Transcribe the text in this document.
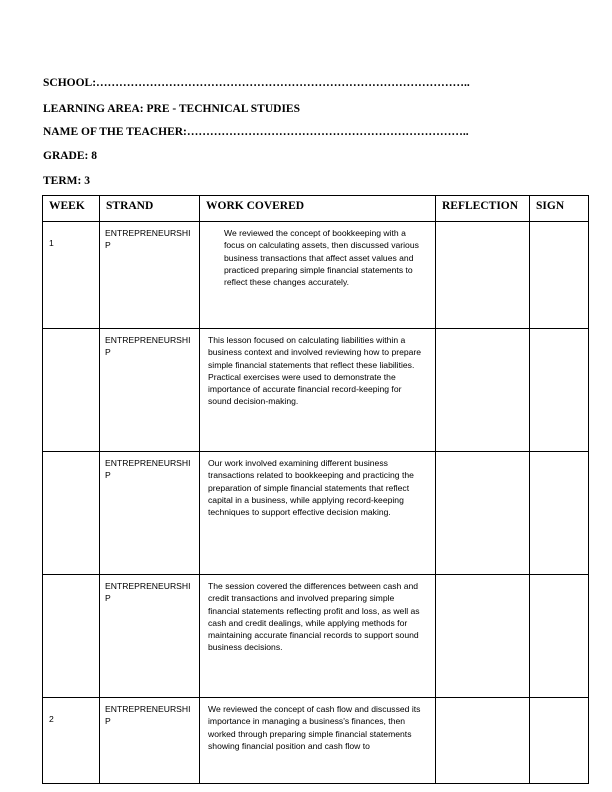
SCHOOL:……………………………………………………………………………………..
LEARNING AREA: PRE - TECHNICAL STUDIES
NAME OF THE TEACHER:………………………………………………………………..
GRADE: 8
TERM: 3
WEEK	STRAND	WORK COVERED	REFLECTION	SIGN
1	ENTREPRENEURSHIP	We reviewed the concept of bookkeeping with a focus on calculating assets, then discussed various business transactions that affect asset values and practiced preparing simple financial statements to reflect these changes accurately.		
	ENTREPRENEURSHIP	This lesson focused on calculating liabilities within a business context and involved reviewing how to prepare simple financial statements that reflect these liabilities. Practical exercises were used to demonstrate the importance of accurate financial record-keeping for sound decision-making.		
	ENTREPRENEURSHIP	Our work involved examining different business transactions related to bookkeeping and practicing the preparation of simple financial statements that reflect capital in a business, while applying record-keeping techniques to support effective decision making.		
	ENTREPRENEURSHIP	The session covered the differences between cash and credit transactions and involved preparing simple financial statements reflecting profit and loss, as well as cash and credit dealings, while applying methods for maintaining accurate financial records to support sound business decisions.		
2	ENTREPRENEURSHIP	We reviewed the concept of cash flow and discussed its importance in managing a business's finances, then worked through preparing simple financial statements showing financial position and cash flow to		
